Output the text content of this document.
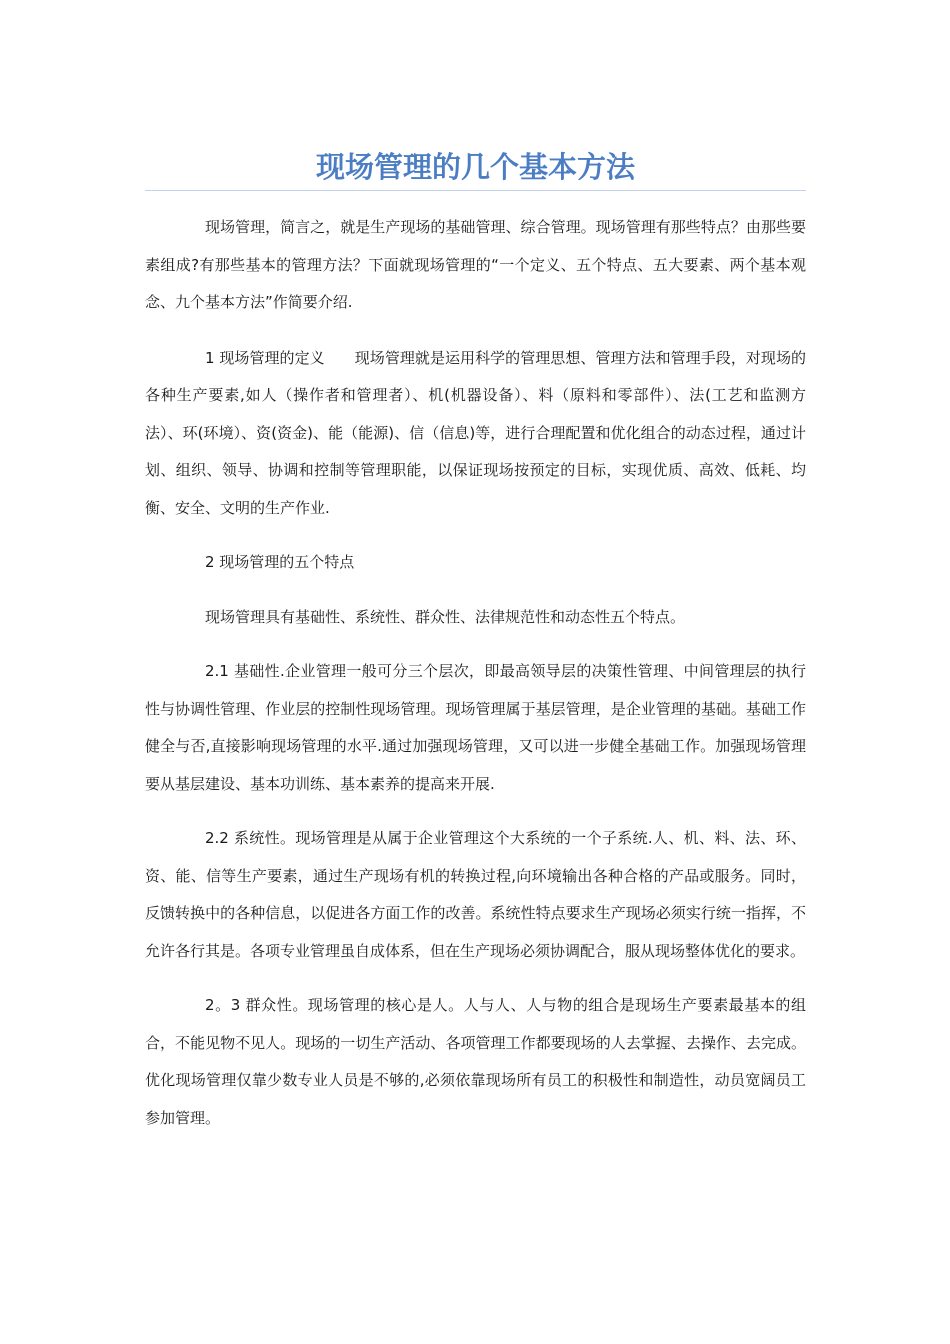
现场管理的几个基本方法

现场管理，简言之，就是生产现场的基础管理、综合管理。现场管理有那些特点？由那些要素组成?有那些基本的管理方法？下面就现场管理的“一个定义、五个特点、五大要素、两个基本观念、九个基本方法”作简要介绍.

1 现场管理的定义　　现场管理就是运用科学的管理思想、管理方法和管理手段，对现场的各种生产要素,如人（操作者和管理者）、机(机器设备）、料（原料和零部件）、法(工艺和监测方法）、环(环境）、资(资金)、能（能源)、信（信息)等，进行合理配置和优化组合的动态过程，通过计划、组织、领导、协调和控制等管理职能，以保证现场按预定的目标，实现优质、高效、低耗、均衡、安全、文明的生产作业.

2 现场管理的五个特点

现场管理具有基础性、系统性、群众性、法律规范性和动态性五个特点。

2.1 基础性.企业管理一般可分三个层次，即最高领导层的决策性管理、中间管理层的执行性与协调性管理、作业层的控制性现场管理。现场管理属于基层管理，是企业管理的基础。基础工作健全与否,直接影响现场管理的水平.通过加强现场管理，又可以进一步健全基础工作。加强现场管理要从基层建设、基本功训练、基本素养的提高来开展.

2.2 系统性。现场管理是从属于企业管理这个大系统的一个子系统.人、机、料、法、环、资、能、信等生产要素，通过生产现场有机的转换过程,向环境输出各种合格的产品或服务。同时，反馈转换中的各种信息，以促进各方面工作的改善。系统性特点要求生产现场必须实行统一指挥，不允许各行其是。各项专业管理虽自成体系，但在生产现场必须协调配合，服从现场整体优化的要求。

2。3 群众性。现场管理的核心是人。人与人、人与物的组合是现场生产要素最基本的组合，不能见物不见人。现场的一切生产活动、各项管理工作都要现场的人去掌握、去操作、去完成。优化现场管理仅靠少数专业人员是不够的,必须依靠现场所有员工的积极性和制造性，动员宽阔员工参加管理。
